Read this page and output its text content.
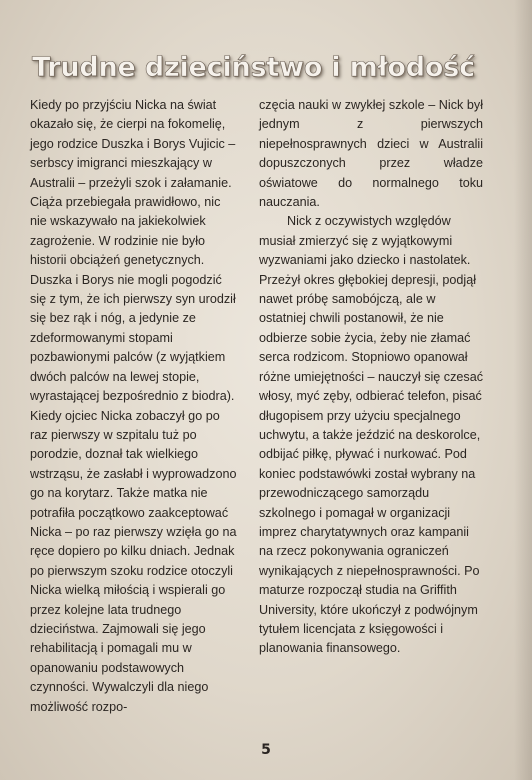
Trudne dzieciństwo i młodość

Kiedy po przyjściu Nicka na świat okazało się, że cierpi na fokomelię, jego rodzice Duszka i Borys Vujicic – serbscy imigranci mieszkający w Australii – przeżyli szok i załamanie. Ciąża przebiegała prawidłowo, nic nie wskazywało na jakiekolwiek zagrożenie. W rodzinie nie było historii obciążeń genetycznych. Duszka i Borys nie mogli pogodzić się z tym, że ich pierwszy syn urodził się bez rąk i nóg, a jedynie ze zdeformowanymi stopami pozbawionymi palców (z wyjątkiem dwóch palców na lewej stopie, wyrastającej bezpośrednio z biodra). Kiedy ojciec Nicka zobaczył go po raz pierwszy w szpitalu tuż po porodzie, doznał tak wielkiego wstrząsu, że zasłabł i wyprowadzono go na korytarz. Także matka nie potrafiła początkowo zaakceptować Nicka – po raz pierwszy wzięła go na ręce dopiero po kilku dniach. Jednak po pierwszym szoku rodzice otoczyli Nicka wielką miłością i wspierali go przez kolejne lata trudnego dzieciństwa. Zajmowali się jego rehabilitacją i pomagali mu w opanowaniu podstawowych czynności. Wywalczyli dla niego możliwość rozpo-

częcia nauki w zwykłej szkole – Nick był jednym z pierwszych niepełnosprawnych dzieci w Australii dopuszczonych przez władze oświatowe do normalnego toku nauczania.

Nick z oczywistych względów musiał zmierzyć się z wyjątkowymi wyzwaniami jako dziecko i nastolatek. Przeżył okres głębokiej depresji, podjął nawet próbę samobójczą, ale w ostatniej chwili postanowił, że nie odbierze sobie życia, żeby nie złamać serca rodzicom. Stopniowo opanował różne umiejętności – nauczył się czesać włosy, myć zęby, odbierać telefon, pisać długopisem przy użyciu specjalnego uchwytu, a także jeździć na deskorolce, odbijać piłkę, pływać i nurkować. Pod koniec podstawówki został wybrany na przewodniczącego samorządu szkolnego i pomagał w organizacji imprez charytatywnych oraz kampanii na rzecz pokonywania ograniczeń wynikających z niepełnosprawności. Po maturze rozpoczął studia na Griffith University, które ukończył z podwójnym tytułem licencjata z księgowości i planowania finansowego.

5
